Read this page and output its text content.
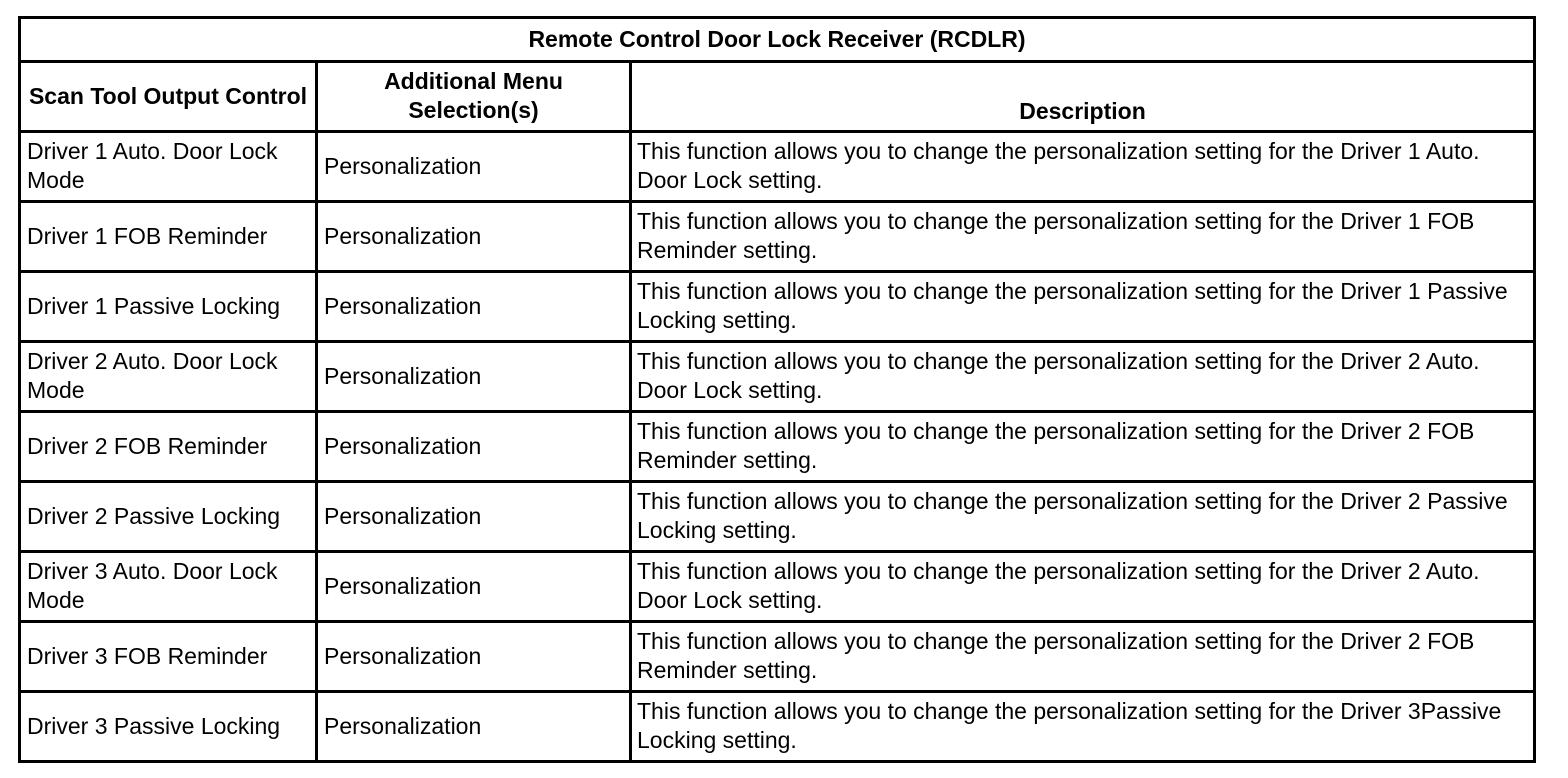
Remote Control Door Lock Receiver (RCDLR)		
Scan Tool Output Control	Additional Menu Selection(s)	Description
Driver 1 Auto. Door Lock Mode	Personalization	This function allows you to change the personalization setting for the Driver 1 Auto. Door Lock setting.
Driver 1 FOB Reminder	Personalization	This function allows you to change the personalization setting for the Driver 1 FOB Reminder setting.
Driver 1 Passive Locking	Personalization	This function allows you to change the personalization setting for the Driver 1 Passive Locking setting.
Driver 2 Auto. Door Lock Mode	Personalization	This function allows you to change the personalization setting for the Driver 2 Auto. Door Lock setting.
Driver 2 FOB Reminder	Personalization	This function allows you to change the personalization setting for the Driver 2 FOB Reminder setting.
Driver 2 Passive Locking	Personalization	This function allows you to change the personalization setting for the Driver 2 Passive Locking setting.
Driver 3 Auto. Door Lock Mode	Personalization	This function allows you to change the personalization setting for the Driver 2 Auto. Door Lock setting.
Driver 3 FOB Reminder	Personalization	This function allows you to change the personalization setting for the Driver 2 FOB Reminder setting.
Driver 3 Passive Locking	Personalization	This function allows you to change the personalization setting for the Driver 3Passive Locking setting.
